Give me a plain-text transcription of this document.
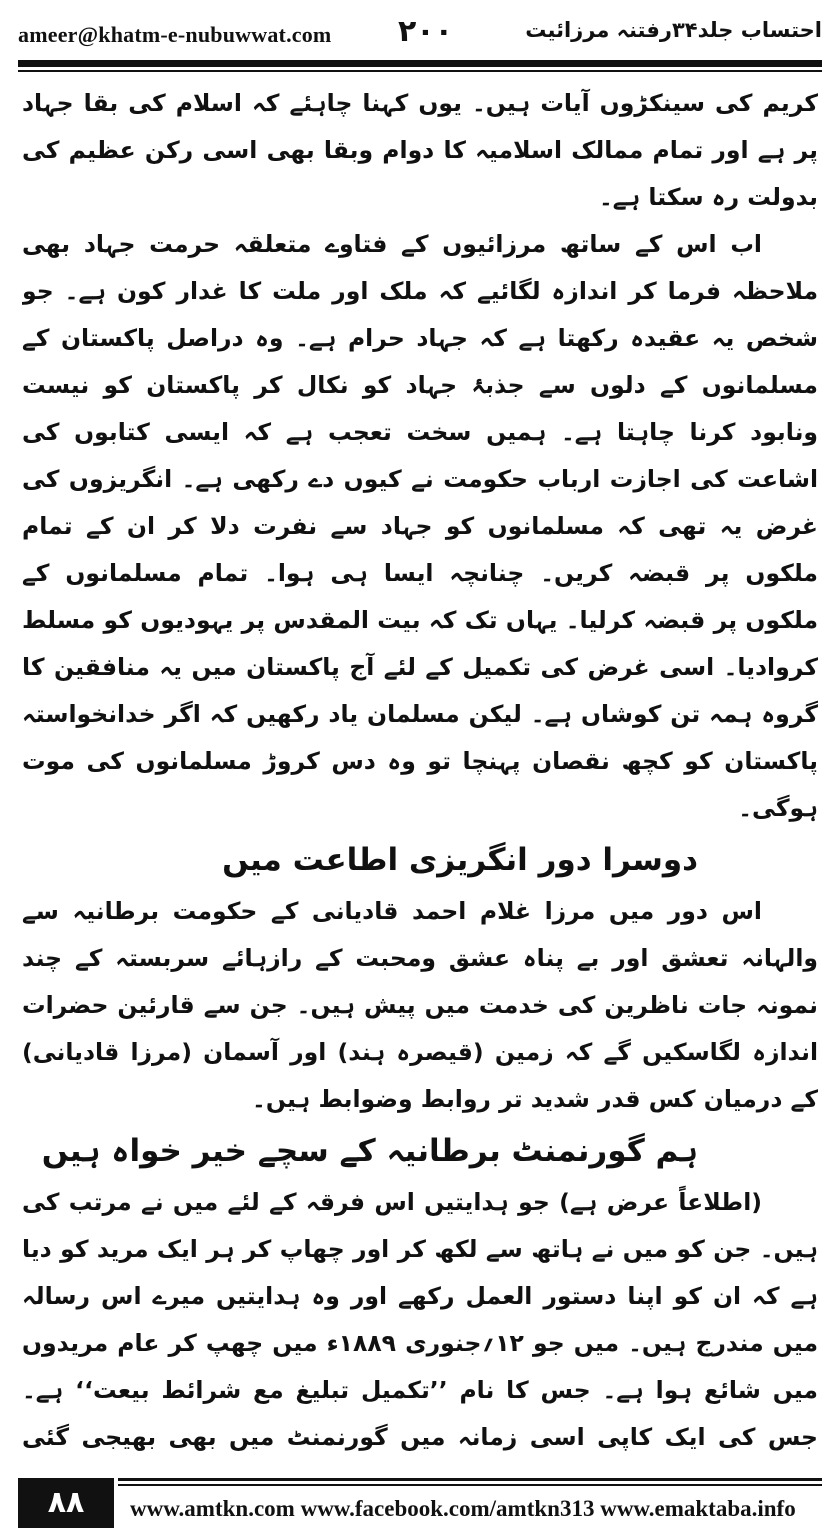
ameer@khatm-e-nubuwwat.com ۲۰۰	احتساب جلد۳۴رفتنہ مرزائیت

کریم کی سینکڑوں آیات ہیں۔ یوں کہنا چاہئے کہ اسلام کی بقا جہاد پر ہے اور تمام ممالک اسلامیہ کا دوام وبقا بھی اسی رکن عظیم کی بدولت رہ سکتا ہے۔

اب اس کے ساتھ مرزائیوں کے فتاوے متعلقہ حرمت جہاد بھی ملاحظہ فرما کر اندازہ لگائیے کہ ملک اور ملت کا غدار کون ہے۔ جو شخص یہ عقیدہ رکھتا ہے کہ جہاد حرام ہے۔ وہ دراصل پاکستان کے مسلمانوں کے دلوں سے جذبۂ جہاد کو نکال کر پاکستان کو نیست ونابود کرنا چاہتا ہے۔ ہمیں سخت تعجب ہے کہ ایسی کتابوں کی اشاعت کی اجازت ارباب حکومت نے کیوں دے رکھی ہے۔ انگریزوں کی غرض یہ تھی کہ مسلمانوں کو جہاد سے نفرت دلا کر ان کے تمام ملکوں پر قبضہ کریں۔ چنانچہ ایسا ہی ہوا۔ تمام مسلمانوں کے ملکوں پر قبضہ کرلیا۔ یہاں تک کہ بیت المقدس پر یہودیوں کو مسلط کروادیا۔ اسی غرض کی تکمیل کے لئے آج پاکستان میں یہ منافقین کا گروہ ہمہ تن کوشاں ہے۔ لیکن مسلمان یاد رکھیں کہ اگر خدانخواستہ پاکستان کو کچھ نقصان پہنچا تو وہ دس کروڑ مسلمانوں کی موت ہوگی۔

دوسرا دور انگریزی اطاعت میں

اس دور میں مرزا غلام احمد قادیانی کے حکومت برطانیہ سے والہانہ تعشق اور بے پناہ عشق ومحبت کے رازہائے سربستہ کے چند نمونہ جات ناظرین کی خدمت میں پیش ہیں۔ جن سے قارئین حضرات اندازہ لگاسکیں گے کہ زمین (قیصرہ ہند) اور آسمان (مرزا قادیانی) کے درمیان کس قدر شدید تر روابط وضوابط ہیں۔

ہم گورنمنٹ برطانیہ کے سچے خیر خواہ ہیں

(اطلاعاً عرض ہے) جو ہدایتیں اس فرقہ کے لئے میں نے مرتب کی ہیں۔ جن کو میں نے ہاتھ سے لکھ کر اور چھاپ کر ہر ایک مرید کو دیا ہے کہ ان کو اپنا دستور العمل رکھے اور وہ ہدایتیں میرے اس رسالہ میں مندرج ہیں۔ میں جو ۱۲؍جنوری ۱۸۸۹ء میں چھپ کر عام مریدوں میں شائع ہوا ہے۔ جس کا نام ’’تکمیل تبلیغ مع شرائط بیعت‘‘ ہے۔ جس کی ایک کاپی اسی زمانہ میں گورنمنٹ میں بھی بھیجی گئی

۸۸	www.amtkn.com www.facebook.com/amtkn313 www.emaktaba.info
